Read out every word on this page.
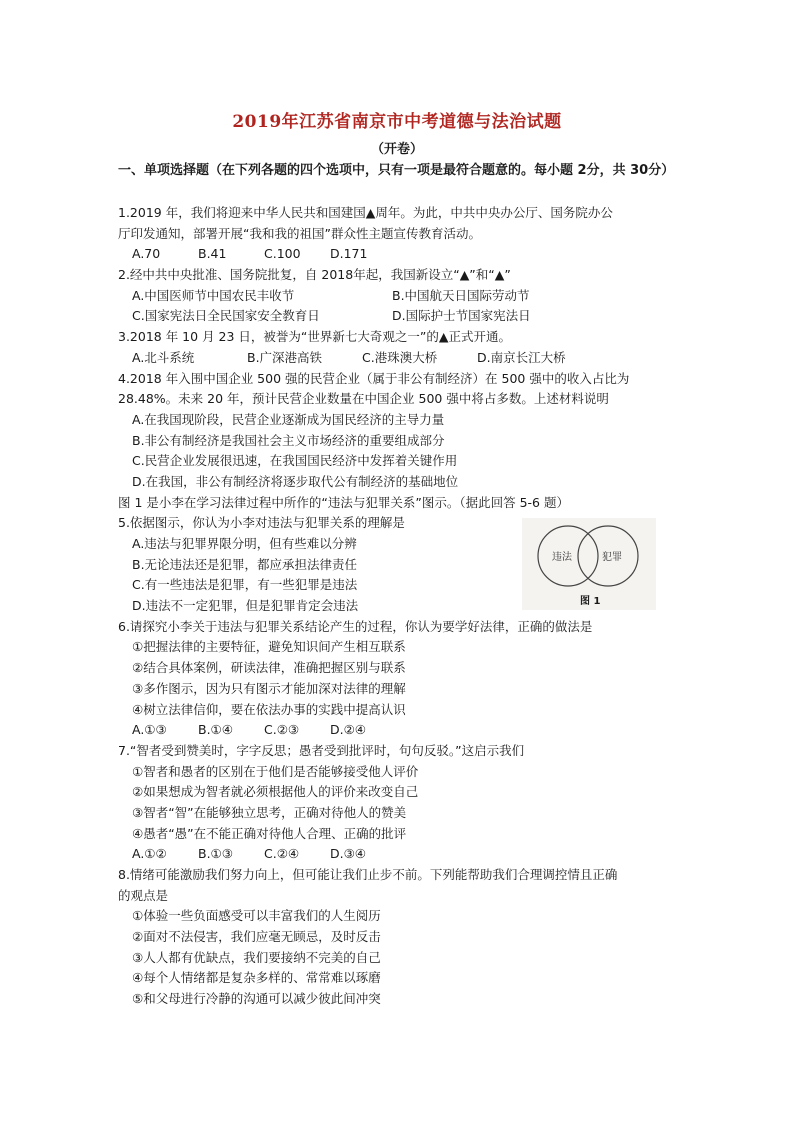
2019年江苏省南京市中考道德与法治试题
（开卷）
一、单项选择题（在下列各题的四个选项中，只有一项是最符合题意的。每小题 2分，共 30分）
1.2019 年，我们将迎来中华人民共和国建国▲周年。为此，中共中央办公厅、国务院办公
厅印发通知，部署开展“我和我的祖国”群众性主题宣传教育活动。
A.70	B.41	C.100	D.171
2.经中共中央批准、国务院批复，自 2018年起，我国新设立“▲”和“▲”
A.中国医师节中国农民丰收节	B.中国航天日国际劳动节
C.国家宪法日全民国家安全教育日	D.国际护士节国家宪法日
3.2018 年 10 月 23 日，被誉为“世界新七大奇观之一”的▲正式开通。
A.北斗系统	B.广深港高铁	C.港珠澳大桥	D.南京长江大桥
4.2018 年入围中国企业 500 强的民营企业（属于非公有制经济）在 500 强中的收入占比为
28.48%。未来 20 年，预计民营企业数量在中国企业 500 强中将占多数。上述材料说明
A.在我国现阶段，民营企业逐渐成为国民经济的主导力量
B.非公有制经济是我国社会主义市场经济的重要组成部分
C.民营企业发展很迅速，在我国国民经济中发挥着关键作用
D.在我国，非公有制经济将逐步取代公有制经济的基础地位
图 1 是小李在学习法律过程中所作的“违法与犯罪关系”图示。（据此回答 5-6 题）
5.依据图示，你认为小李对违法与犯罪关系的理解是
A.违法与犯罪界限分明，但有些难以分辨
B.无论违法还是犯罪，都应承担法律责任
C.有一些违法是犯罪，有一些犯罪是违法
D.违法不一定犯罪，但是犯罪肯定会违法
6.请探究小李关于违法与犯罪关系结论产生的过程，你认为要学好法律，正确的做法是
①把握法律的主要特征，避免知识间产生相互联系
②结合具体案例，研读法律，准确把握区别与联系
③多作图示，因为只有图示才能加深对法律的理解
④树立法律信仰，要在依法办事的实践中提高认识
A.①③	B.①④	C.②③	D.②④
7.“智者受到赞美时，字字反思；愚者受到批评时，句句反驳。”这启示我们
①智者和愚者的区别在于他们是否能够接受他人评价
②如果想成为智者就必须根据他人的评价来改变自己
③智者“智”在能够独立思考，正确对待他人的赞美
④愚者“愚”在不能正确对待他人合理、正确的批评
A.①②	B.①③	C.②④	D.③④
8.情绪可能激励我们努力向上，但可能让我们止步不前。下列能帮助我们合理调控情且正确
的观点是
①体验一些负面感受可以丰富我们的人生阅历
②面对不法侵害，我们应毫无顾忌，及时反击
③人人都有优缺点，我们要接纳不完美的自己
④每个人情绪都是复杂多样的、常常难以琢磨
⑤和父母进行冷静的沟通可以减少彼此间冲突
违法	犯罪
图 1
